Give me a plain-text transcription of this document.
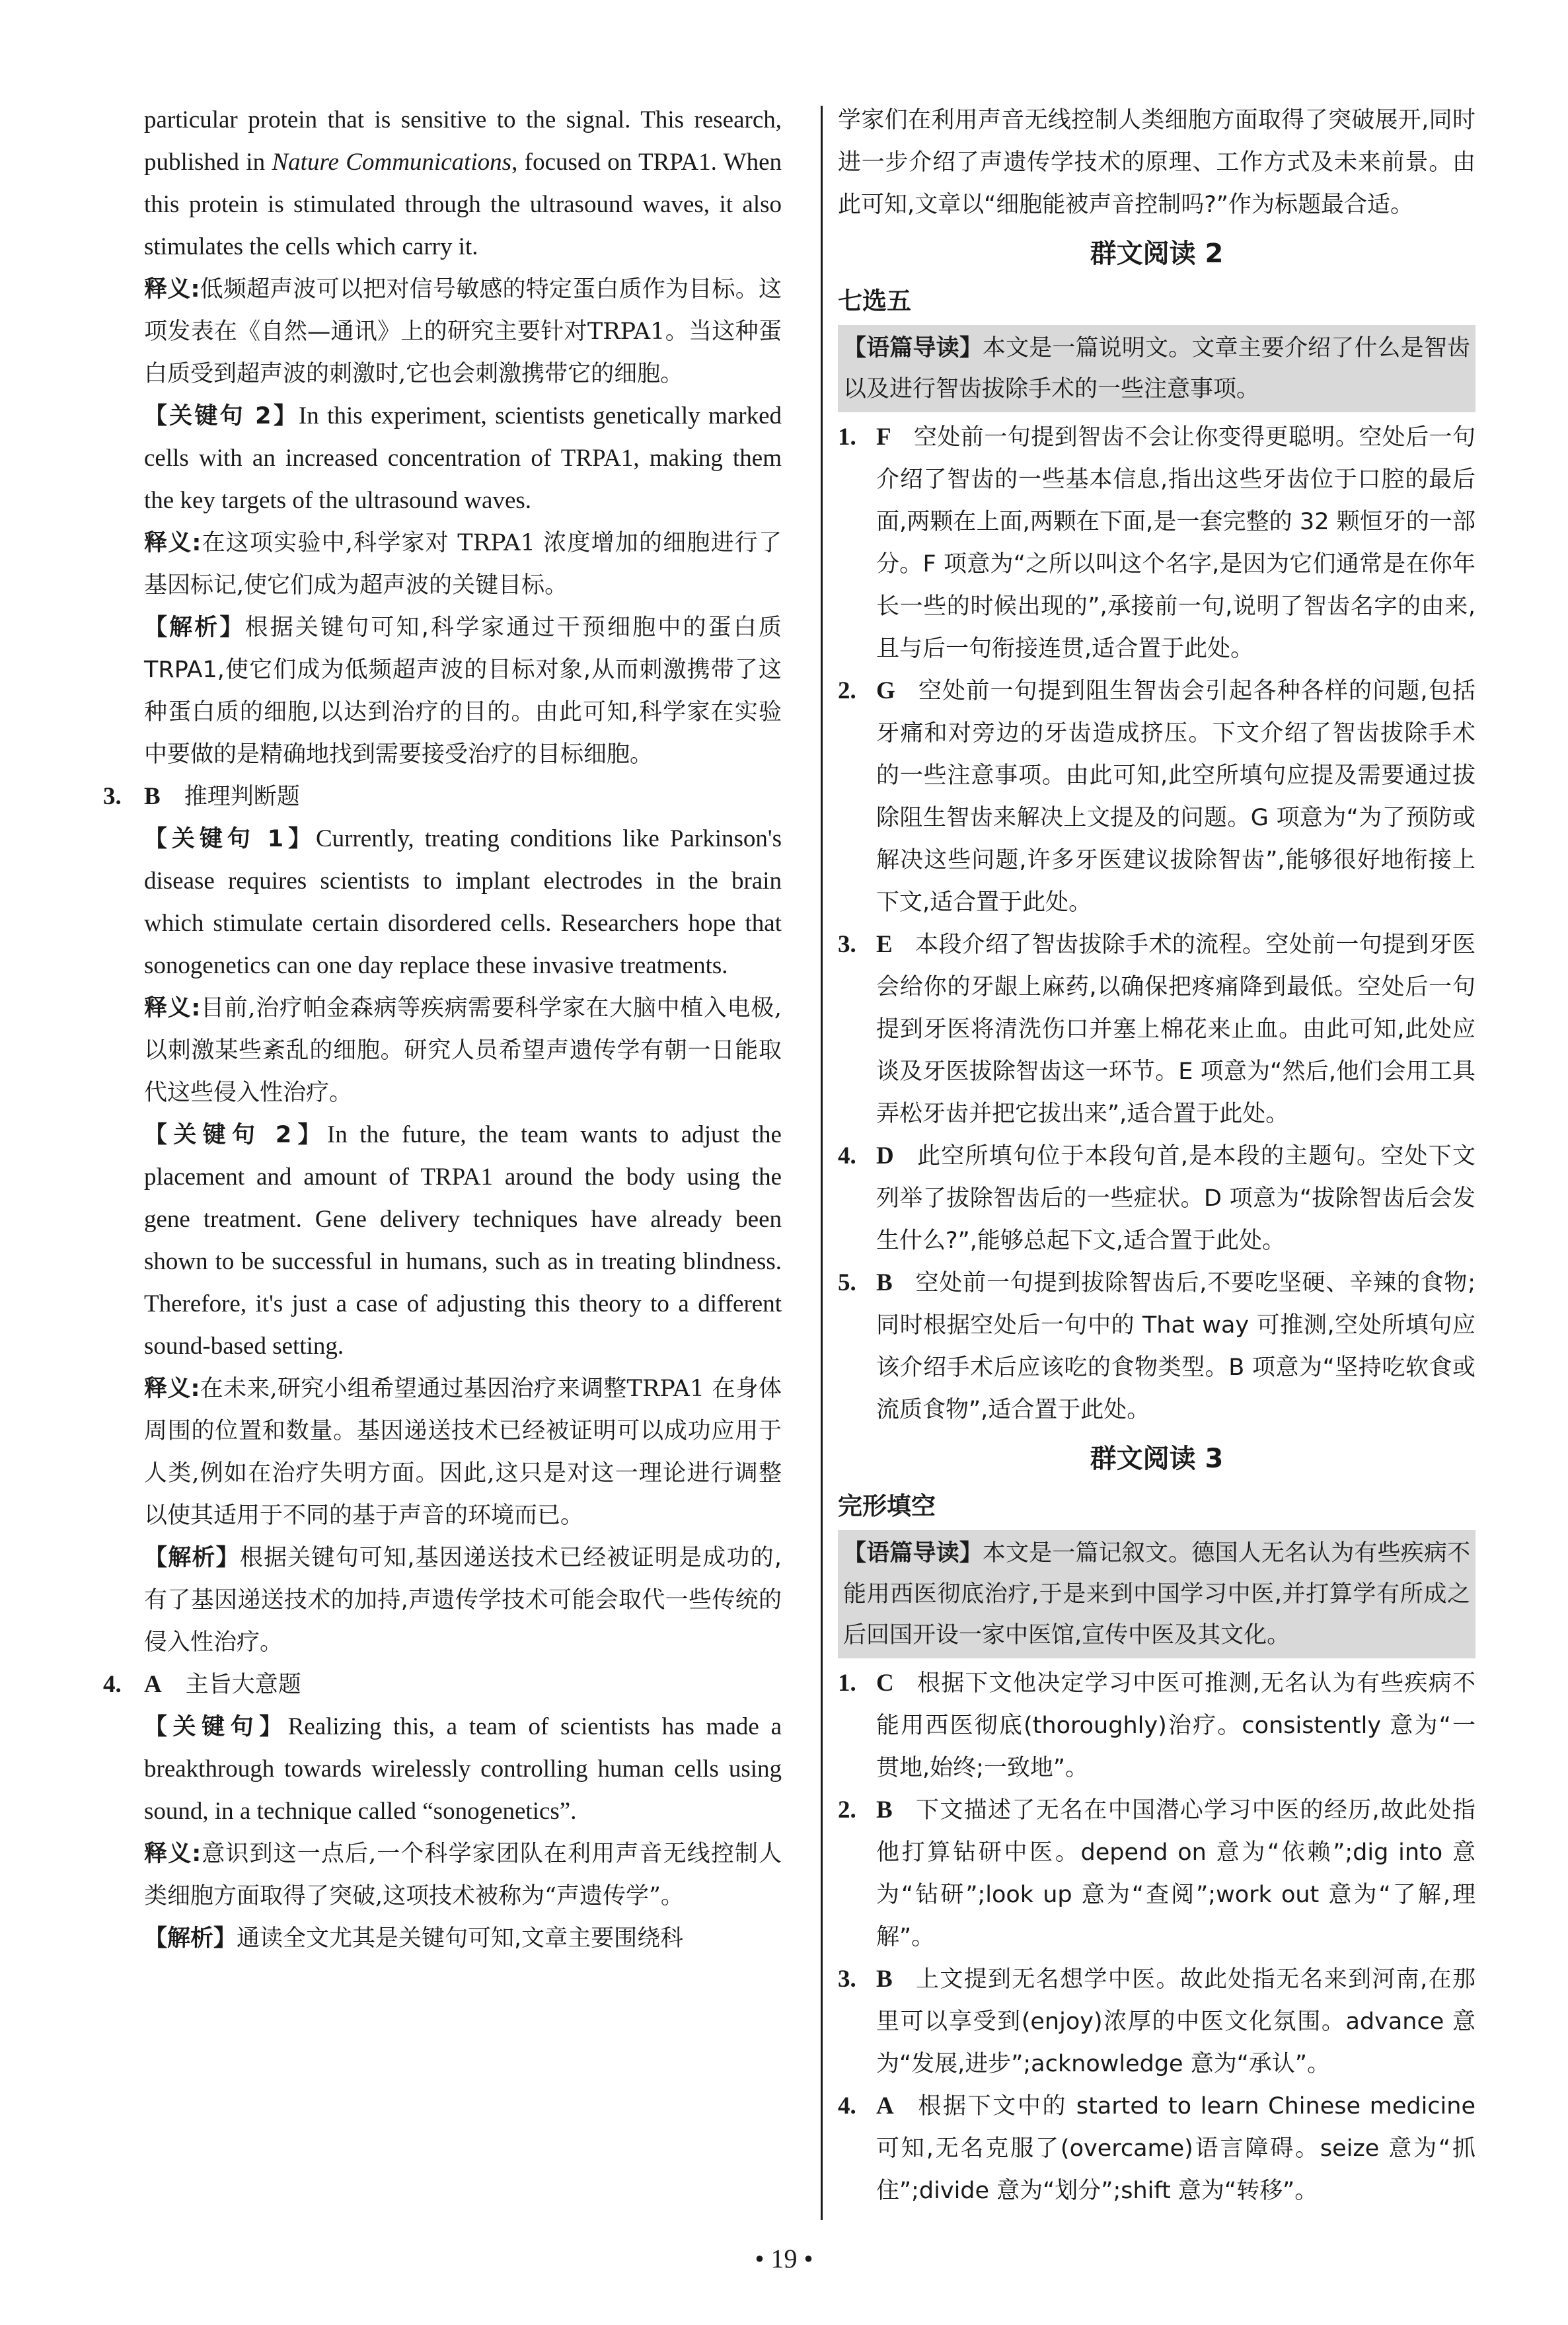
particular protein that is sensitive to the signal. This research, published in Nature Communications, focused on TRPA1. When this protein is stimulated through the ultrasound waves, it also stimulates the cells which carry it.

释义:低频超声波可以把对信号敏感的特定蛋白质作为目标。这项发表在《自然—通讯》上的研究主要针对TRPA1。当这种蛋白质受到超声波的刺激时,它也会刺激携带它的细胞。

【关键句 2】In this experiment, scientists genetically marked cells with an increased concentration of TRPA1, making them the key targets of the ultrasound waves.

释义:在这项实验中,科学家对 TRPA1 浓度增加的细胞进行了基因标记,使它们成为超声波的关键目标。

【解析】根据关键句可知,科学家通过干预细胞中的蛋白质 TRPA1,使它们成为低频超声波的目标对象,从而刺激携带了这种蛋白质的细胞,以达到治疗的目的。由此可知,科学家在实验中要做的是精确地找到需要接受治疗的目标细胞。

3. B 推理判断题

【关键句 1】Currently, treating conditions like Parkinson's disease requires scientists to implant electrodes in the brain which stimulate certain disordered cells. Researchers hope that sonogenetics can one day replace these invasive treatments.

释义:目前,治疗帕金森病等疾病需要科学家在大脑中植入电极,以刺激某些紊乱的细胞。研究人员希望声遗传学有朝一日能取代这些侵入性治疗。

【关键句 2】In the future, the team wants to adjust the placement and amount of TRPA1 around the body using the gene treatment. Gene delivery techniques have already been shown to be successful in humans, such as in treating blindness. Therefore, it's just a case of adjusting this theory to a different sound-based setting.

释义:在未来,研究小组希望通过基因治疗来调整TRPA1 在身体周围的位置和数量。基因递送技术已经被证明可以成功应用于人类,例如在治疗失明方面。因此,这只是对这一理论进行调整以使其适用于不同的基于声音的环境而已。

【解析】根据关键句可知,基因递送技术已经被证明是成功的,有了基因递送技术的加持,声遗传学技术可能会取代一些传统的侵入性治疗。

4. A 主旨大意题

【关键句】Realizing this, a team of scientists has made a breakthrough towards wirelessly controlling human cells using sound, in a technique called “sonogenetics”.

释义:意识到这一点后,一个科学家团队在利用声音无线控制人类细胞方面取得了突破,这项技术被称为“声遗传学”。

【解析】通读全文尤其是关键句可知,文章主要围绕科

学家们在利用声音无线控制人类细胞方面取得了突破展开,同时进一步介绍了声遗传学技术的原理、工作方式及未来前景。由此可知,文章以“细胞能被声音控制吗?”作为标题最合适。

群文阅读 2
七选五
【语篇导读】本文是一篇说明文。文章主要介绍了什么是智齿以及进行智齿拔除手术的一些注意事项。
1. F 空处前一句提到智齿不会让你变得更聪明。空处后一句介绍了智齿的一些基本信息,指出这些牙齿位于口腔的最后面,两颗在上面,两颗在下面,是一套完整的 32 颗恒牙的一部分。F 项意为“之所以叫这个名字,是因为它们通常是在你年长一些的时候出现的”,承接前一句,说明了智齿名字的由来,且与后一句衔接连贯,适合置于此处。
2. G 空处前一句提到阻生智齿会引起各种各样的问题,包括牙痛和对旁边的牙齿造成挤压。下文介绍了智齿拔除手术的一些注意事项。由此可知,此空所填句应提及需要通过拔除阻生智齿来解决上文提及的问题。G 项意为“为了预防或解决这些问题,许多牙医建议拔除智齿”,能够很好地衔接上下文,适合置于此处。
3. E 本段介绍了智齿拔除手术的流程。空处前一句提到牙医会给你的牙龈上麻药,以确保把疼痛降到最低。空处后一句提到牙医将清洗伤口并塞上棉花来止血。由此可知,此处应谈及牙医拔除智齿这一环节。E 项意为“然后,他们会用工具弄松牙齿并把它拔出来”,适合置于此处。
4. D 此空所填句位于本段句首,是本段的主题句。空处下文列举了拔除智齿后的一些症状。D 项意为“拔除智齿后会发生什么?”,能够总起下文,适合置于此处。
5. B 空处前一句提到拔除智齿后,不要吃坚硬、辛辣的食物;同时根据空处后一句中的 That way 可推测,空处所填句应该介绍手术后应该吃的食物类型。B 项意为“坚持吃软食或流质食物”,适合置于此处。
群文阅读 3
完形填空
【语篇导读】本文是一篇记叙文。德国人无名认为有些疾病不能用西医彻底治疗,于是来到中国学习中医,并打算学有所成之后回国开设一家中医馆,宣传中医及其文化。
1. C 根据下文他决定学习中医可推测,无名认为有些疾病不能用西医彻底(thoroughly)治疗。consistently 意为“一贯地,始终;一致地”。
2. B 下文描述了无名在中国潜心学习中医的经历,故此处指他打算钻研中医。depend on 意为“依赖”;dig into 意为“钻研”;look up 意为“查阅”;work out 意为“了解,理解”。
3. B 上文提到无名想学中医。故此处指无名来到河南,在那里可以享受到(enjoy)浓厚的中医文化氛围。advance 意为“发展,进步”;acknowledge 意为“承认”。
4. A 根据下文中的 started to learn Chinese medicine 可知,无名克服了(overcame)语言障碍。seize 意为“抓住”;divide 意为“划分”;shift 意为“转移”。
• 19 •
